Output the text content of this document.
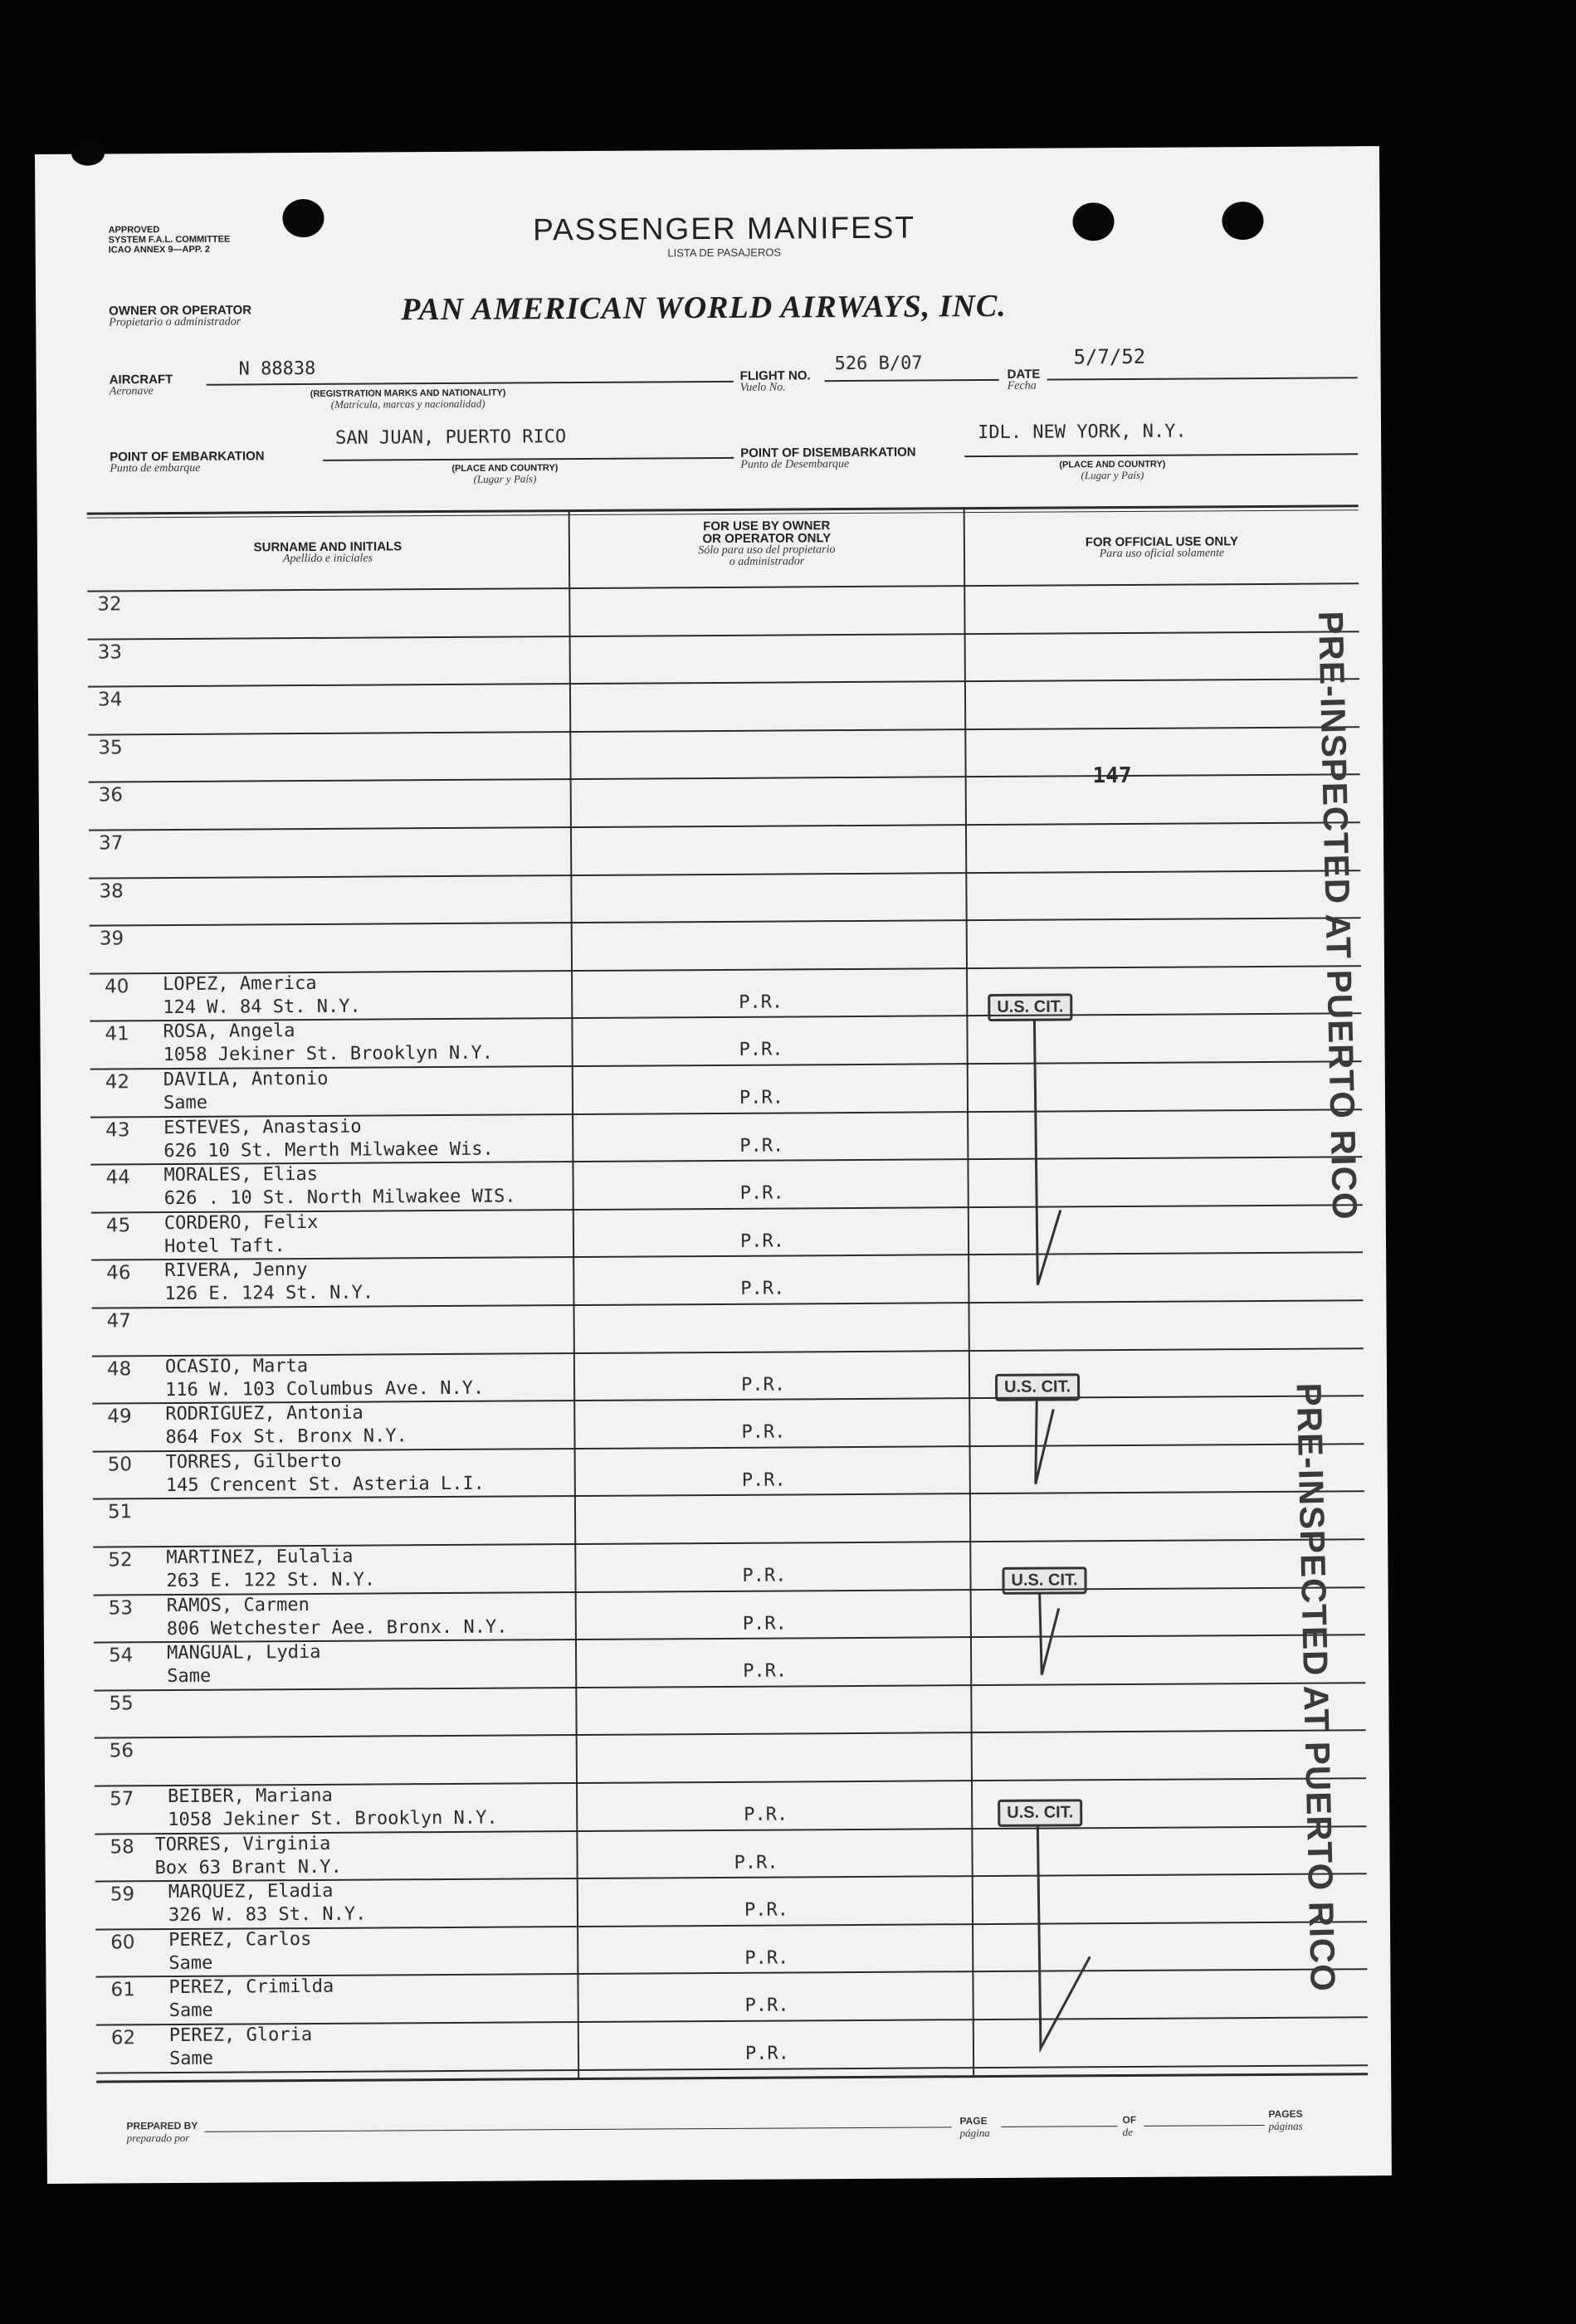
APPROVED
SYSTEM F.A.L. COMMITTEE
ICAO ANNEX 9—APP. 2
PASSENGER MANIFEST
LISTA DE PASAJEROS
OWNER OR OPERATOR
Propietario o administrador	PAN AMERICAN WORLD AIRWAYS, INC.
AIRCRAFT
Aeronave
N 88838
(REGISTRATION MARKS AND NATIONALITY)
(Matrícula, marcas y nacionalidad)
FLIGHT NO.
Vuelo No.
526 B/07
DATE
Fecha
5/7/52
POINT OF EMBARKATION
Punto de embarque
SAN JUAN, PUERTO RICO
(PLACE AND COUNTRY)
(Lugar y País)
POINT OF DISEMBARKATION
Punto de Desembarque
IDL. NEW YORK, N.Y.
(PLACE AND COUNTRY)
(Lugar y País)
SURNAME AND INITIALS
Apellido e iniciales
FOR USE BY OWNER
OR OPERATOR ONLY
Sólo para uso del propietario
o administrador
FOR OFFICIAL USE ONLY
Para uso oficial solamente
32
33
34
35
36
37
38
39
40	LOPEZ, America
124 W. 84 St. N.Y.	P.R.
41	ROSA, Angela
1058 Jekiner St. Brooklyn N.Y.	P.R.
42	DAVILA, Antonio
Same	P.R.
43	ESTEVES, Anastasio
626 10 St. Merth Milwakee Wis.	P.R.
44	MORALES, Elias
626 . 10 St. North Milwakee WIS.	P.R.
45	CORDERO, Felix
Hotel Taft.	P.R.
46	RIVERA, Jenny
126 E. 124 St. N.Y.	P.R.
47
48	OCASIO, Marta
116 W. 103 Columbus Ave. N.Y.	P.R.
49	RODRIGUEZ, Antonia
864 Fox St. Bronx N.Y.	P.R.
50	TORRES, Gilberto
145 Crencent St. Asteria L.I.	P.R.
51
52	MARTINEZ, Eulalia
263 E. 122 St. N.Y.	P.R.
53	RAMOS, Carmen
806 Wetchester Aee. Bronx. N.Y.	P.R.
54	MANGUAL, Lydia
Same	P.R.
55
56
57	BEIBER, Mariana
1058 Jekiner St. Brooklyn N.Y.	P.R.
58	TORRES, Virginia
Box 63 Brant N.Y.	P.R.
59	MARQUEZ, Eladia
326 W. 83 St. N.Y.	P.R.
60	PEREZ, Carlos
Same	P.R.
61	PEREZ, Crimilda
Same	P.R.
62	PEREZ, Gloria
Same	P.R.
147
U.S. CIT.
U.S. CIT.
U.S. CIT.
U.S. CIT.
PRE-INSPECTED AT PUERTO RICO
PRE-INSPECTED AT PUERTO RICO
PREPARED BY
preparado por
PAGE
página
OF
de
PAGES
páginas
